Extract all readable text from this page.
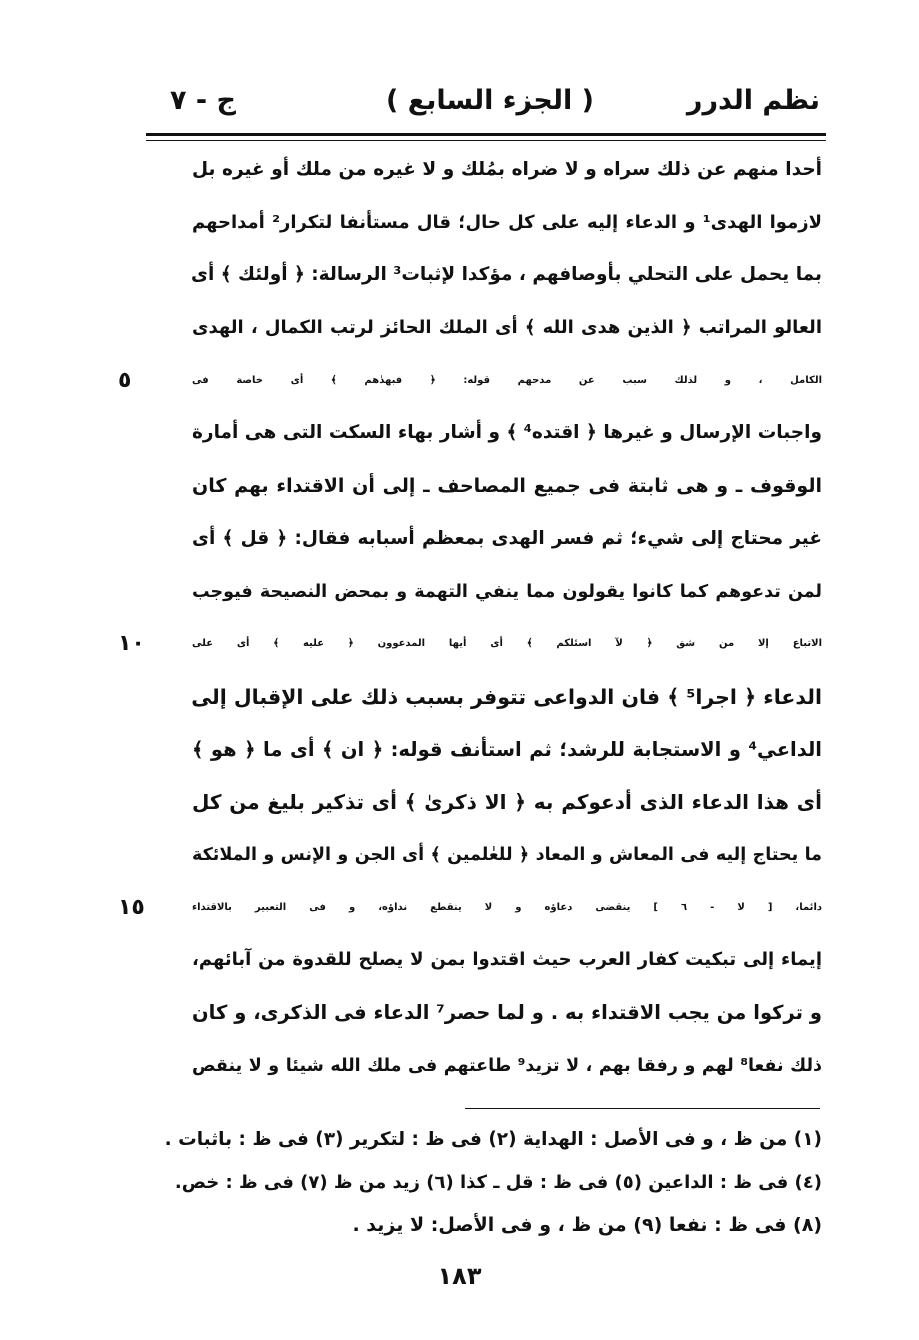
نظم الدرر
( الجزء السابع )
ج - ٧
أحدا منهم عن ذلك سراه و لا ضراه بمُلك و لا غيره من ملك أو غيره بل
لازموا الهدى¹ و الدعاء إليه على كل حال؛ قال مستأنفا لتكرار² أمداحهم
بما يحمل على التحلي بأوصافهم ، مؤكدا لإثبات³ الرسالة: ﴿ أولئك ﴾ أى
العالو المراتب ﴿ الذين هدى الله ﴾ أى الملك الحائز لرتب الكمال ، الهدى
الكامل ، و لذلك سبب عن مدحهم قوله: ﴿ فبهدٰهم ﴾ أى خاصة فى
٥
واجبات الإرسال و غيرها ﴿ اقتده⁴ ﴾ و أشار بهاء السكت التى هى أمارة
الوقوف ـ و هى ثابتة فى جميع المصاحف ـ إلى أن الاقتداء بهم كان
غير محتاج إلى شيء؛ ثم فسر الهدى بمعظم أسبابه فقال: ﴿ قل ﴾ أى
لمن تدعوهم كما كانوا يقولون مما ينفي التهمة و بمحض النصيحة فيوجب
الاتباع إلا من شق ﴿ لآ اسئلكم ﴾ أى أيها المدعوون ﴿ عليه ﴾ أى على
١٠
الدعاء ﴿ اجرا⁵ ﴾ فان الدواعى تتوفر بسبب ذلك على الإقبال إلى
الداعي⁴ و الاستجابة للرشد؛ ثم استأنف قوله: ﴿ ان ﴾ أى ما ﴿ هو ﴾
أى هذا الدعاء الذى أدعوكم به ﴿ الا ذكرىٰ ﴾ أى تذكير بليغ من كل
ما يحتاج إليه فى المعاش و المعاد ﴿ للعٰلمين ﴾ أى الجن و الإنس و الملائكة
دائما، [ لا - ٦ ] ينقضى دعاؤه و لا ينقطع نداؤه، و فى التعبير بالاقتداء
١٥
إيماء إلى تبكيت كفار العرب حيث اقتدوا بمن لا يصلح للقدوة من آبائهم،
و تركوا من يجب الاقتداء به . و لما حصر⁷ الدعاء فى الذكرى، و كان
ذلك نفعا⁸ لهم و رفقا بهم ، لا تزيد⁹ طاعتهم فى ملك الله شيئا و لا ينقص
(١) من ظ ، و فى الأصل : الهداية (٢) فى ظ : لتكرير (٣) فى ظ : باثبات .
(٤) فى ظ : الداعين (٥) فى ظ : قل ـ كذا (٦) زيد من ظ (٧) فى ظ : خص.
(٨) فى ظ : نفعا (٩) من ظ ، و فى الأصل: لا يزيد .
١٨٣
